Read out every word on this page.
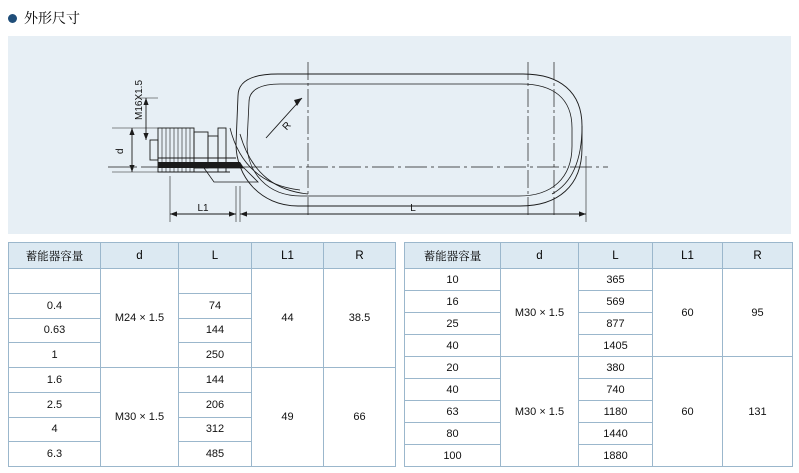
外形尺寸
M16X1.5
d
R
L1	L
蓄能器容量	d	L	L1	R
	M24 × 1.5		44	38.5
0.4		74		
0.63		144		
1		250		
1.6	M30 × 1.5	144	49	66
2.5		206		
4		312		
6.3		485		
蓄能器容量	d	L	L1	R
10	M30 × 1.5	365	60	95
16		569		
25		877		
40		1405		
20	M30 × 1.5	380	60	131
40		740		
63		1180		
80		1440		
100		1880		
